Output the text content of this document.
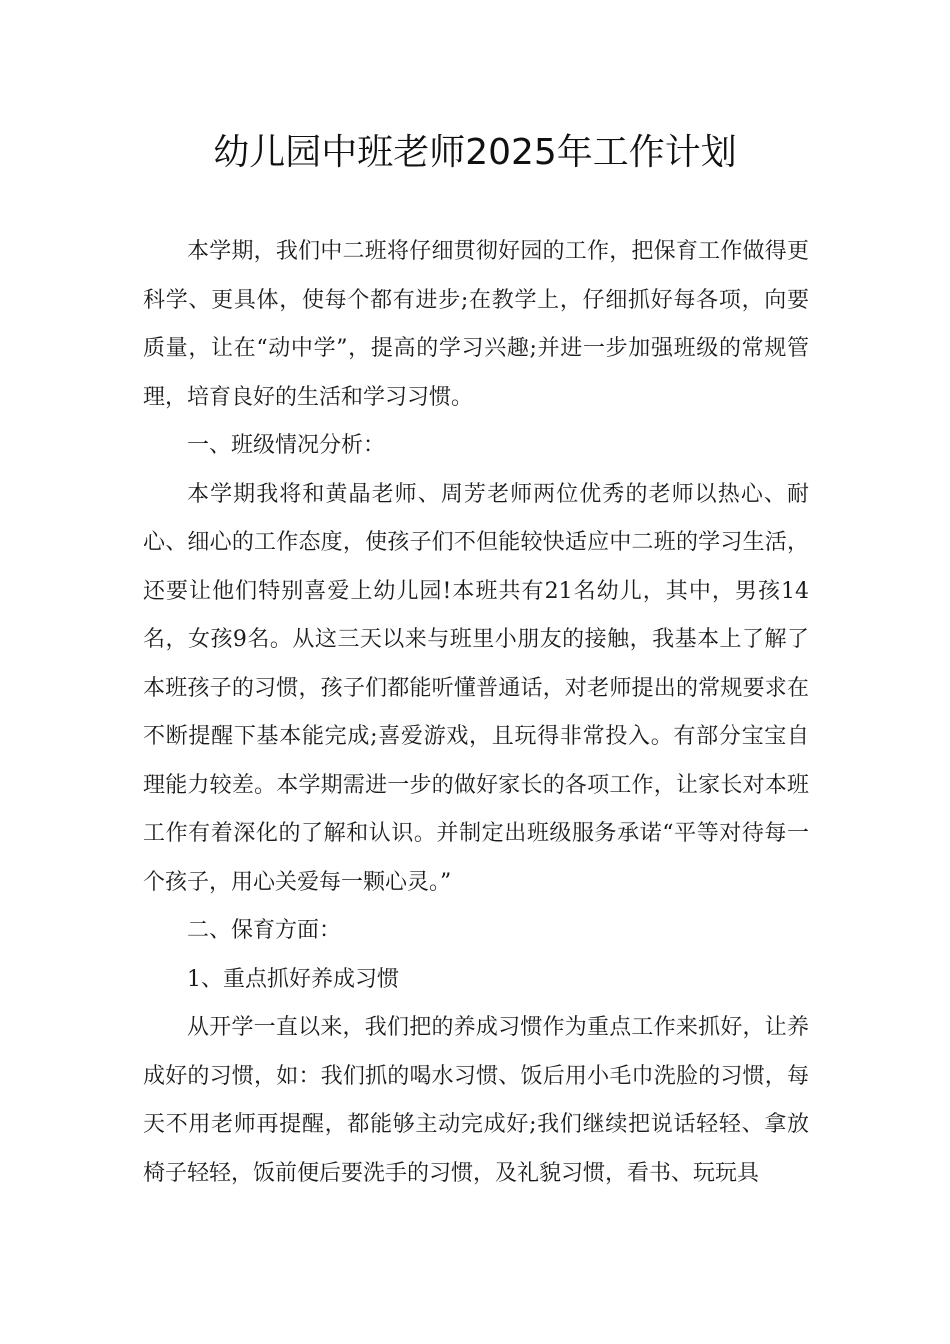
幼儿园中班老师2025年工作计划

本学期，我们中二班将仔细贯彻好园的工作，把保育工作做得更科学、更具体，使每个都有进步;在教学上，仔细抓好每各项，向要质量，让在“动中学”，提高的学习兴趣;并进一步加强班级的常规管理，培育良好的生活和学习习惯。

一、班级情况分析：

本学期我将和黄晶老师、周芳老师两位优秀的老师以热心、耐心、细心的工作态度，使孩子们不但能较快适应中二班的学习生活，还要让他们特别喜爱上幼儿园!本班共有21名幼儿，其中，男孩14名，女孩9名。从这三天以来与班里小朋友的接触，我基本上了解了本班孩子的习惯，孩子们都能听懂普通话，对老师提出的常规要求在不断提醒下基本能完成;喜爱游戏，且玩得非常投入。有部分宝宝自理能力较差。本学期需进一步的做好家长的各项工作，让家长对本班工作有着深化的了解和认识。并制定出班级服务承诺“平等对待每一个孩子，用心关爱每一颗心灵。”

二、保育方面：

1、重点抓好养成习惯

从开学一直以来，我们把的养成习惯作为重点工作来抓好，让养成好的习惯，如：我们抓的喝水习惯、饭后用小毛巾洗脸的习惯，每天不用老师再提醒，都能够主动完成好;我们继续把说话轻轻、拿放椅子轻轻，饭前便后要洗手的习惯，及礼貌习惯，看书、玩玩具
